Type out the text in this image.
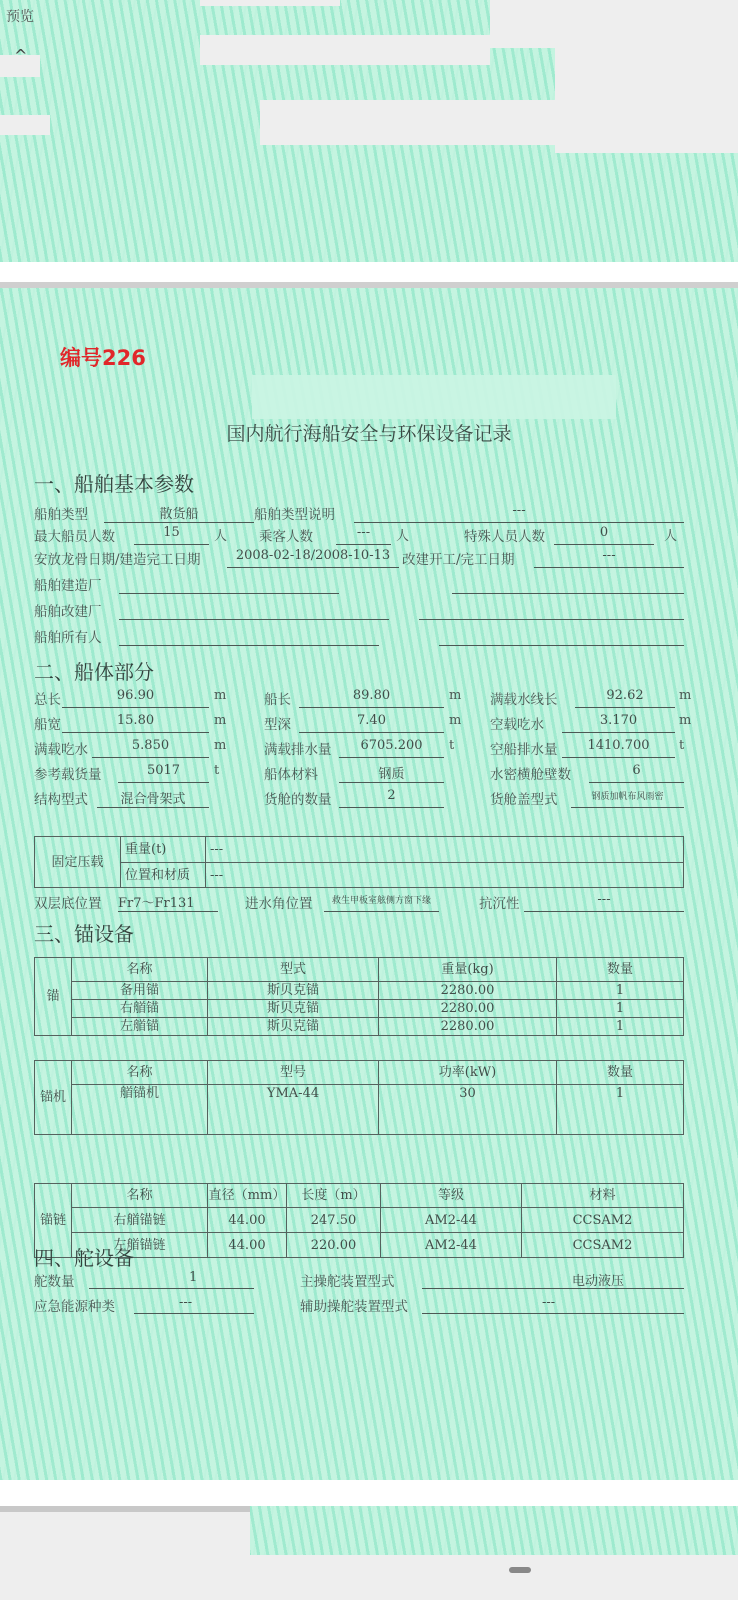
预览
^
编号226
国内航行海船安全与环保设备记录
一、船舶基本参数
船舶类型	散货船	船舶类型说明	---
最大船员人数	15	人 乘客人数	---	人	特殊人员人数	0	人
安放龙骨日期/建造完工日期	2008-02-18/2008-10-13 改建开工/完工日期	---
船舶建造厂
船舶改建厂
船舶所有人
二、船体部分
总长	96.90	m	船长	89.80	m 满载水线长	92.62	m
船宽	15.80	m	型深	7.40	m 空载吃水	3.170	m
满载吃水	5.850	m	满载排水量	6705.200	t	空船排水量	1410.700	t
参考载货量	5017	t	船体材料	钢质	水密横舱壁数	6
结构型式	混合骨架式	货舱的数量	2	货舱盖型式	钢质加帆布风雨密
固定压载	重量(t)	---
	位置和材质	---
双层底位置 Fr7～Fr131	进水角位置	救生甲板室舷侧方窗下缘	抗沉性	---
三、锚设备
锚	名称	型式	重量(kg)	数量
	备用锚	斯贝克锚	2280.00	1
	右艏锚	斯贝克锚	2280.00	1
	左艏锚	斯贝克锚	2280.00	1
锚机	名称	型号	功率(kW)	数量
	艏锚机	YMA-44	30	1
锚链	名称	直径（mm）	长度（m）	等级	材料
	右艏锚链	44.00	247.50	AM2-44	CCSAM2
	左艏锚链	44.00	220.00	AM2-44	CCSAM2
四、舵设备
舵数量	1	主操舵装置型式	电动液压
应急能源种类	---	辅助操舵装置型式	---
